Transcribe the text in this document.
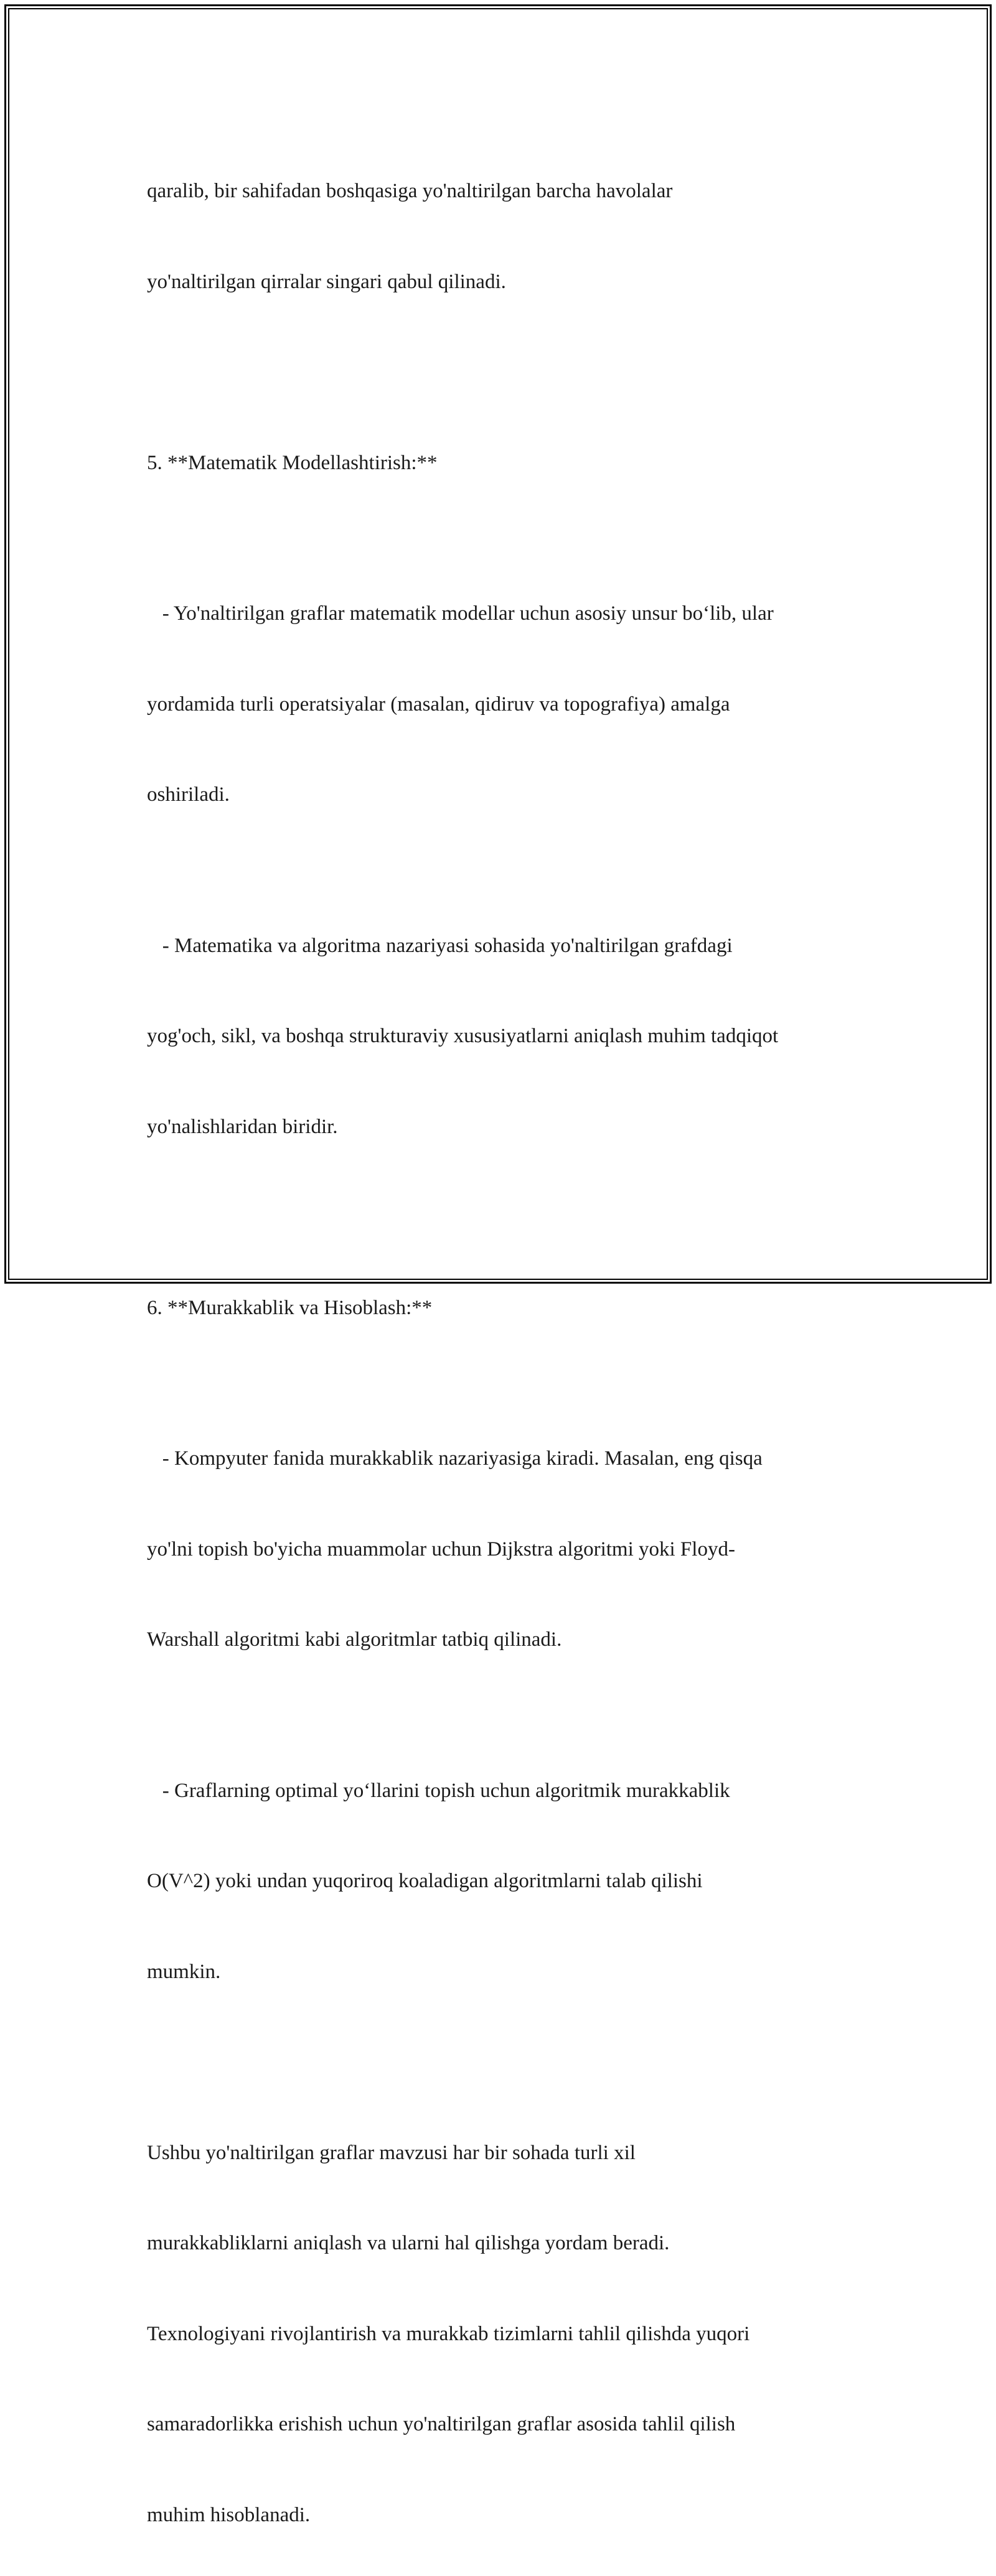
qaralib, bir sahifadan boshqasiga yo'naltirilgan barcha havolalar

yo'naltirilgan qirralar singari qabul qilinadi.

5. **Matematik Modellashtirish:**

- Yo'naltirilgan graflar matematik modellar uchun asosiy unsur bo‘lib, ular

yordamida turli operatsiyalar (masalan, qidiruv va topografiya) amalga

oshiriladi.

- Matematika va algoritma nazariyasi sohasida yo'naltirilgan grafdagi

yog'och, sikl, va boshqa strukturaviy xususiyatlarni aniqlash muhim tadqiqot

yo'nalishlaridan biridir.

6. **Murakkablik va Hisoblash:**

- Kompyuter fanida murakkablik nazariyasiga kiradi. Masalan, eng qisqa

yo'lni topish bo'yicha muammolar uchun Dijkstra algoritmi yoki Floyd-

Warshall algoritmi kabi algoritmlar tatbiq qilinadi.

- Graflarning optimal yo‘llarini topish uchun algoritmik murakkablik

O(V^2) yoki undan yuqoriroq koaladigan algoritmlarni talab qilishi

mumkin.

Ushbu yo'naltirilgan graflar mavzusi har bir sohada turli xil

murakkabliklarni aniqlash va ularni hal qilishga yordam beradi.

Texnologiyani rivojlantirish va murakkab tizimlarni tahlil qilishda yuqori

samaradorlikka erishish uchun yo'naltirilgan graflar asosida tahlil qilish

muhim hisoblanadi.
